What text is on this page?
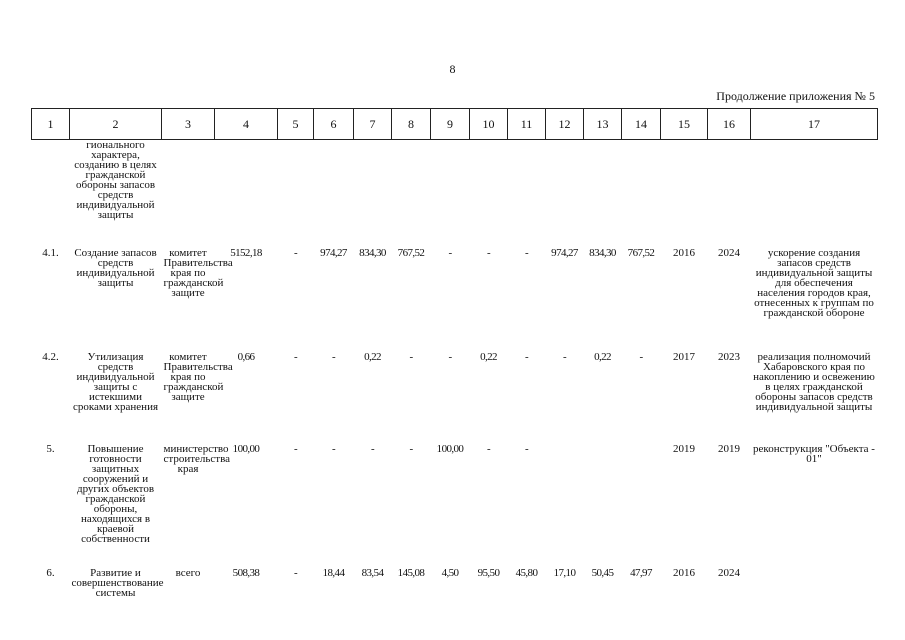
8
Продолжение приложения № 5
1	2	3	4	5	6	7	8	9	10	11	12	13	14	15	16	17
	гионального характера, созданию в целях гражданской обороны запасов средств индивидуальной защиты															
4.1.	Создание запасов средств индивидуальной защиты	комитет Правительства края по гражданской защите	5152,18	-	974,27	834,30	767,52	-	-	-	974,27	834,30	767,52	2016	2024	ускорение создания запасов средств индивидуальной защиты для обеспечения населения городов края, отнесенных к группам по гражданской обороне
4.2.	Утилизация средств индивидуальной защиты с истекшими сроками хранения	комитет Правительства края по гражданской защите	0,66	-	-	0,22	-	-	0,22	-	-	0,22	-	2017	2023	реализация полномочий Хабаровского края по накоплению и освежению в целях гражданской обороны запасов средств индивидуальной защиты
5.	Повышение готовности защитных сооружений и других объектов гражданской обороны, находящихся в краевой собственности	министерство строительства края	100,00	-	-	-	-	100,00	-	-				2019	2019	реконструкция "Объекта - 01"
6.	Развитие и совершенствование системы	всего	508,38	-	18,44	83,54	145,08	4,50	95,50	45,80	17,10	50,45	47,97	2016	2024	
